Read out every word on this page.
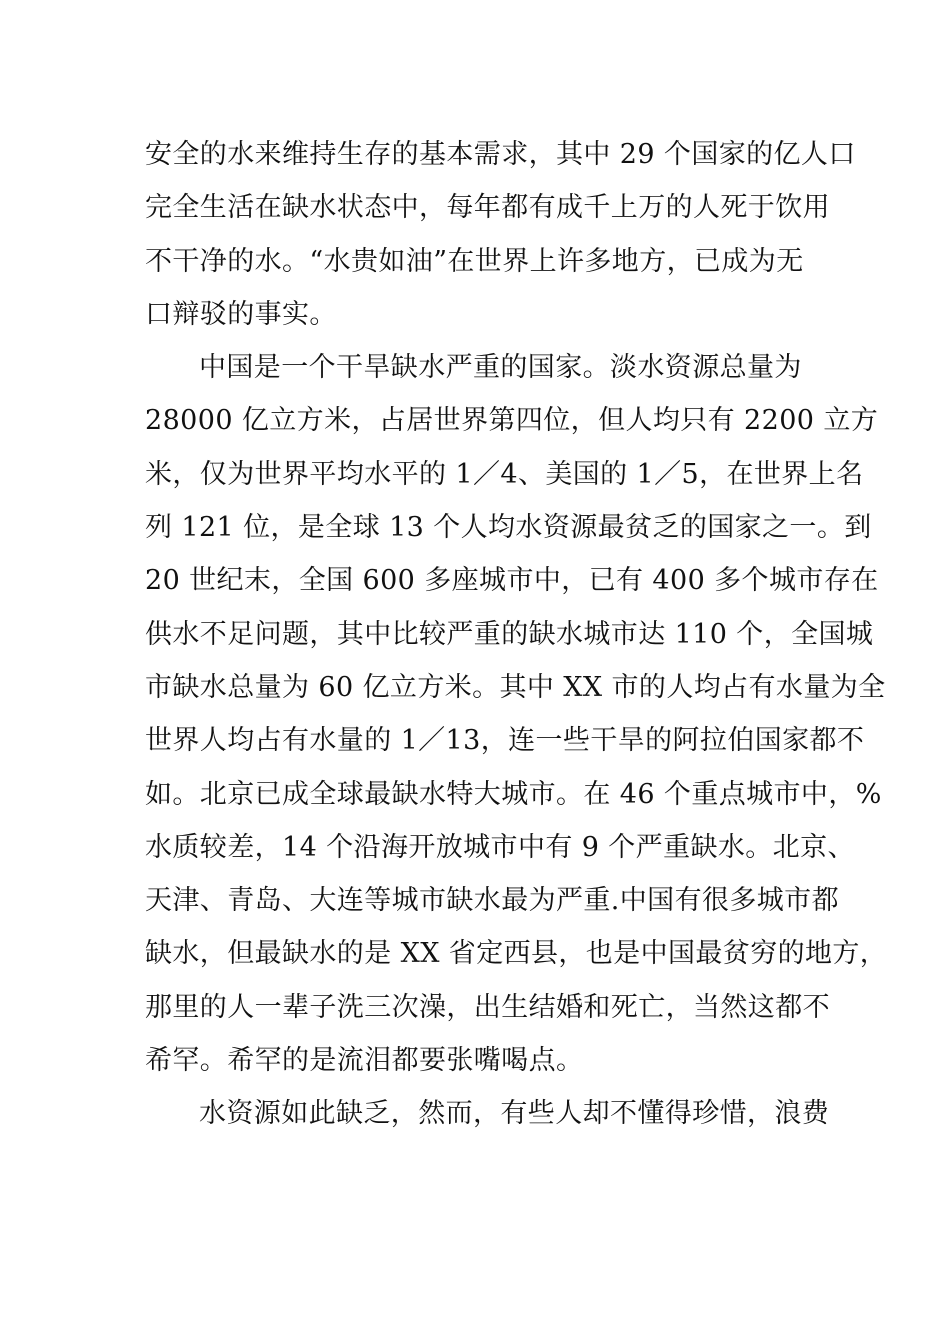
安全的水来维持生存的基本需求，其中 29 个国家的亿人口
完全生活在缺水状态中，每年都有成千上万的人死于饮用
不干净的水。“水贵如油”在世界上许多地方，已成为无
口辩驳的事实。
中国是一个干旱缺水严重的国家。淡水资源总量为
28000 亿立方米，占居世界第四位，但人均只有 2200 立方
米，仅为世界平均水平的 1／4、美国的 1／5，在世界上名
列 121 位，是全球 13 个人均水资源最贫乏的国家之一。到
20 世纪末，全国 600 多座城市中，已有 400 多个城市存在
供水不足问题，其中比较严重的缺水城市达 110 个，全国城
市缺水总量为 60 亿立方米。其中 XX 市的人均占有水量为全
世界人均占有水量的 1／13，连一些干旱的阿拉伯国家都不
如。北京已成全球最缺水特大城市。在 46 个重点城市中，%
水质较差，14 个沿海开放城市中有 9 个严重缺水。北京、
天津、青岛、大连等城市缺水最为严重.中国有很多城市都
缺水，但最缺水的是 XX 省定西县，也是中国最贫穷的地方，
那里的人一辈子洗三次澡，出生结婚和死亡，当然这都不
希罕。希罕的是流泪都要张嘴喝点。
水资源如此缺乏，然而，有些人却不懂得珍惜，浪费
